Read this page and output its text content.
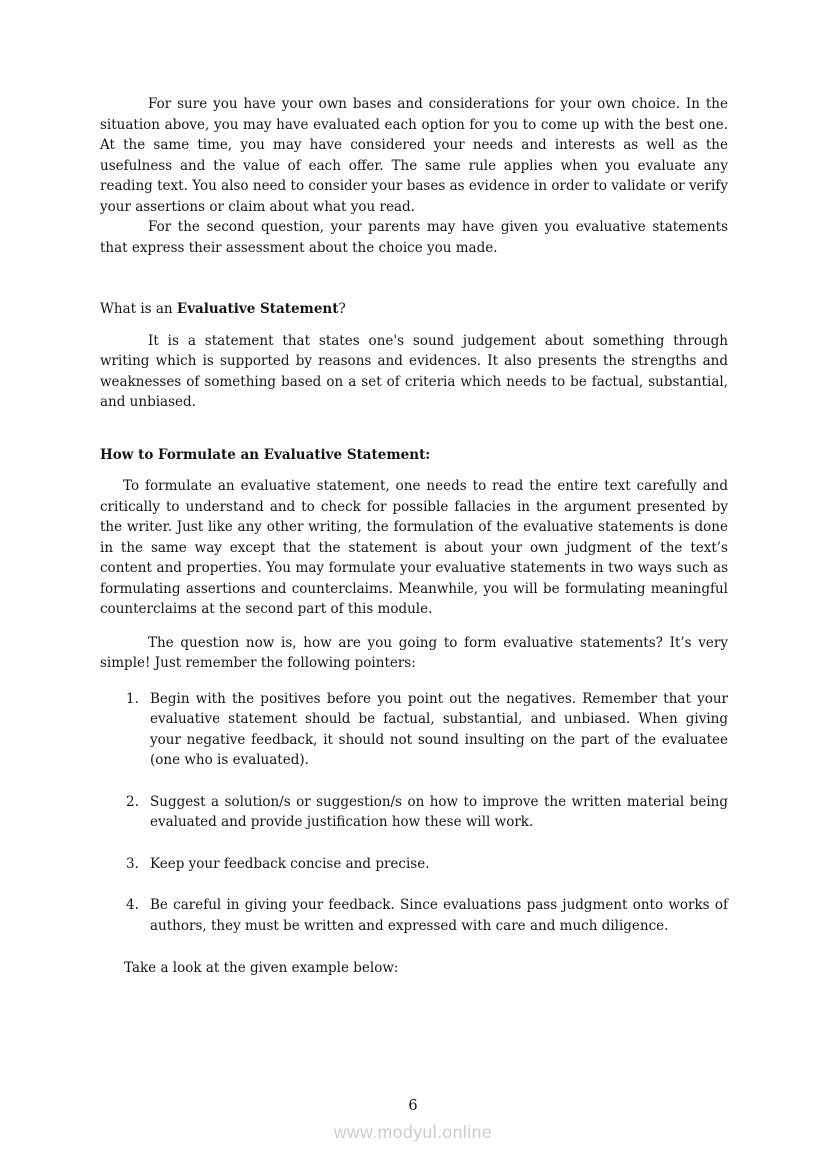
For sure you have your own bases and considerations for your own choice. In the situation above, you may have evaluated each option for you to come up with the best one. At the same time, you may have considered your needs and interests as well as the usefulness and the value of each offer. The same rule applies when you evaluate any reading text. You also need to consider your bases as evidence in order to validate or verify your assertions or claim about what you read.

For the second question, your parents may have given you evaluative statements that express their assessment about the choice you made.

What is an Evaluative Statement?

It is a statement that states one's sound judgement about something through writing which is supported by reasons and evidences. It also presents the strengths and weaknesses of something based on a set of criteria which needs to be factual, substantial, and unbiased.

How to Formulate an Evaluative Statement:

To formulate an evaluative statement, one needs to read the entire text carefully and critically to understand and to check for possible fallacies in the argument presented by the writer. Just like any other writing, the formulation of the evaluative statements is done in the same way except that the statement is about your own judgment of the text’s content and properties. You may formulate your evaluative statements in two ways such as formulating assertions and counterclaims. Meanwhile, you will be formulating meaningful counterclaims at the second part of this module.

The question now is, how are you going to form evaluative statements? It’s very simple! Just remember the following pointers:

1. Begin with the positives before you point out the negatives. Remember that your evaluative statement should be factual, substantial, and unbiased. When giving your negative feedback, it should not sound insulting on the part of the evaluatee (one who is evaluated).
2. Suggest a solution/s or suggestion/s on how to improve the written material being evaluated and provide justification how these will work.
3. Keep your feedback concise and precise.
4. Be careful in giving your feedback. Since evaluations pass judgment onto works of authors, they must be written and expressed with care and much diligence.

Take a look at the given example below:

6
www.modyul.online
